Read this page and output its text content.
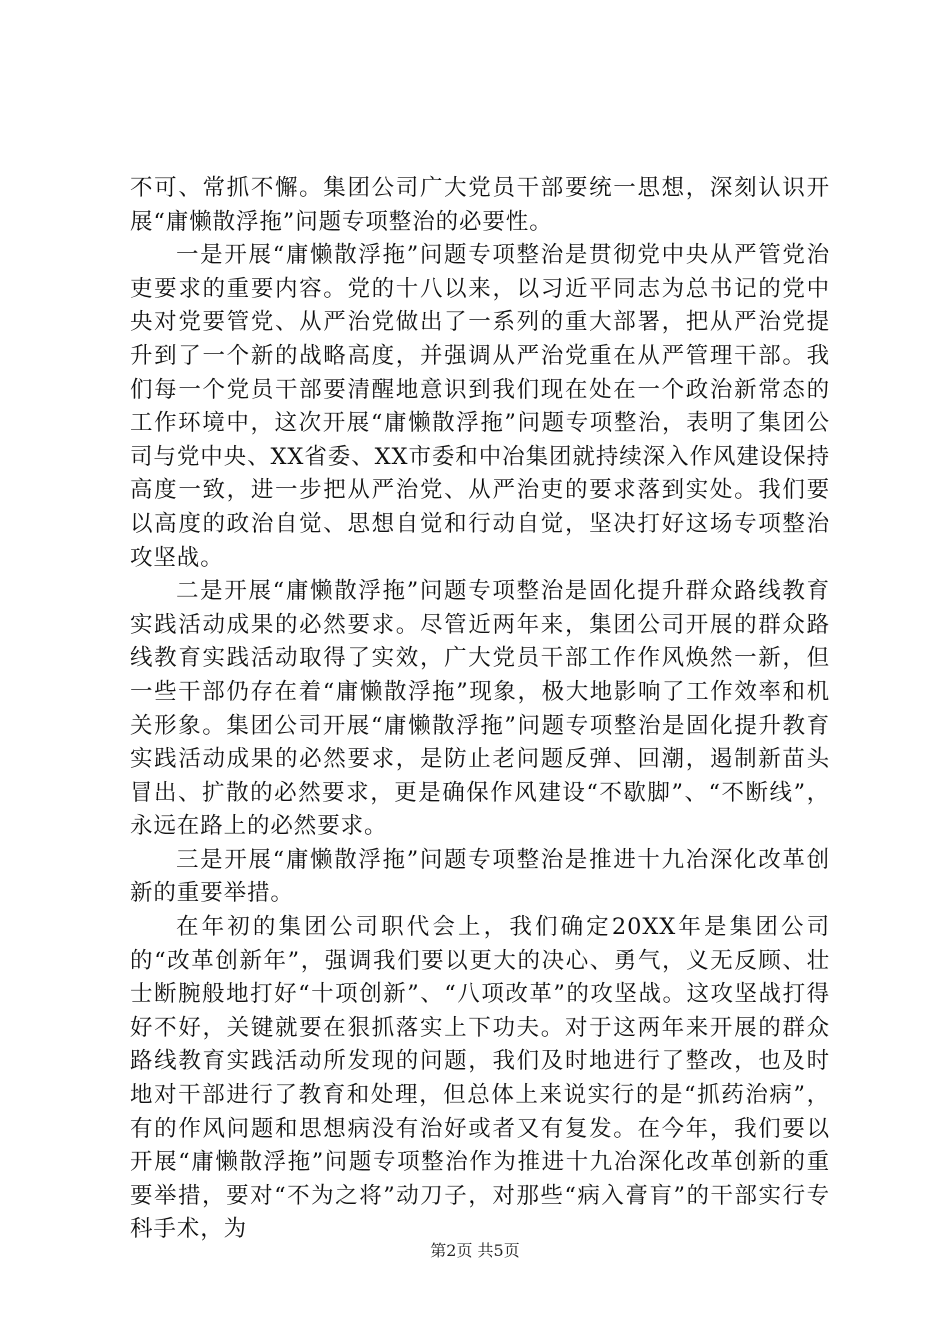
不可、常抓不懈。集团公司广大党员干部要统一思想，深刻认识开展“庸懒散浮拖”问题专项整治的必要性。

一是开展“庸懒散浮拖”问题专项整治是贯彻党中央从严管党治吏要求的重要内容。党的十八以来，以习近平同志为总书记的党中央对党要管党、从严治党做出了一系列的重大部署，把从严治党提升到了一个新的战略高度，并强调从严治党重在从严管理干部。我们每一个党员干部要清醒地意识到我们现在处在一个政治新常态的工作环境中，这次开展“庸懒散浮拖”问题专项整治，表明了集团公司与党中央、XX省委、XX市委和中冶集团就持续深入作风建设保持高度一致，进一步把从严治党、从严治吏的要求落到实处。我们要以高度的政治自觉、思想自觉和行动自觉，坚决打好这场专项整治攻坚战。

二是开展“庸懒散浮拖”问题专项整治是固化提升群众路线教育实践活动成果的必然要求。尽管近两年来，集团公司开展的群众路线教育实践活动取得了实效，广大党员干部工作作风焕然一新，但一些干部仍存在着“庸懒散浮拖”现象，极大地影响了工作效率和机关形象。集团公司开展“庸懒散浮拖”问题专项整治是固化提升教育实践活动成果的必然要求，是防止老问题反弹、回潮，遏制新苗头冒出、扩散的必然要求，更是确保作风建设“不歇脚”、“不断线”，永远在路上的必然要求。

三是开展“庸懒散浮拖”问题专项整治是推进十九冶深化改革创新的重要举措。

在年初的集团公司职代会上，我们确定20XX年是集团公司的“改革创新年”，强调我们要以更大的决心、勇气，义无反顾、壮士断腕般地打好“十项创新”、“八项改革”的攻坚战。这攻坚战打得好不好，关键就要在狠抓落实上下功夫。对于这两年来开展的群众路线教育实践活动所发现的问题，我们及时地进行了整改，也及时地对干部进行了教育和处理，但总体上来说实行的是“抓药治病”，有的作风问题和思想病没有治好或者又有复发。在今年，我们要以开展“庸懒散浮拖”问题专项整治作为推进十九冶深化改革创新的重要举措，要对“不为之将”动刀子，对那些“病入膏肓”的干部实行专科手术，为

第2页 共5页
